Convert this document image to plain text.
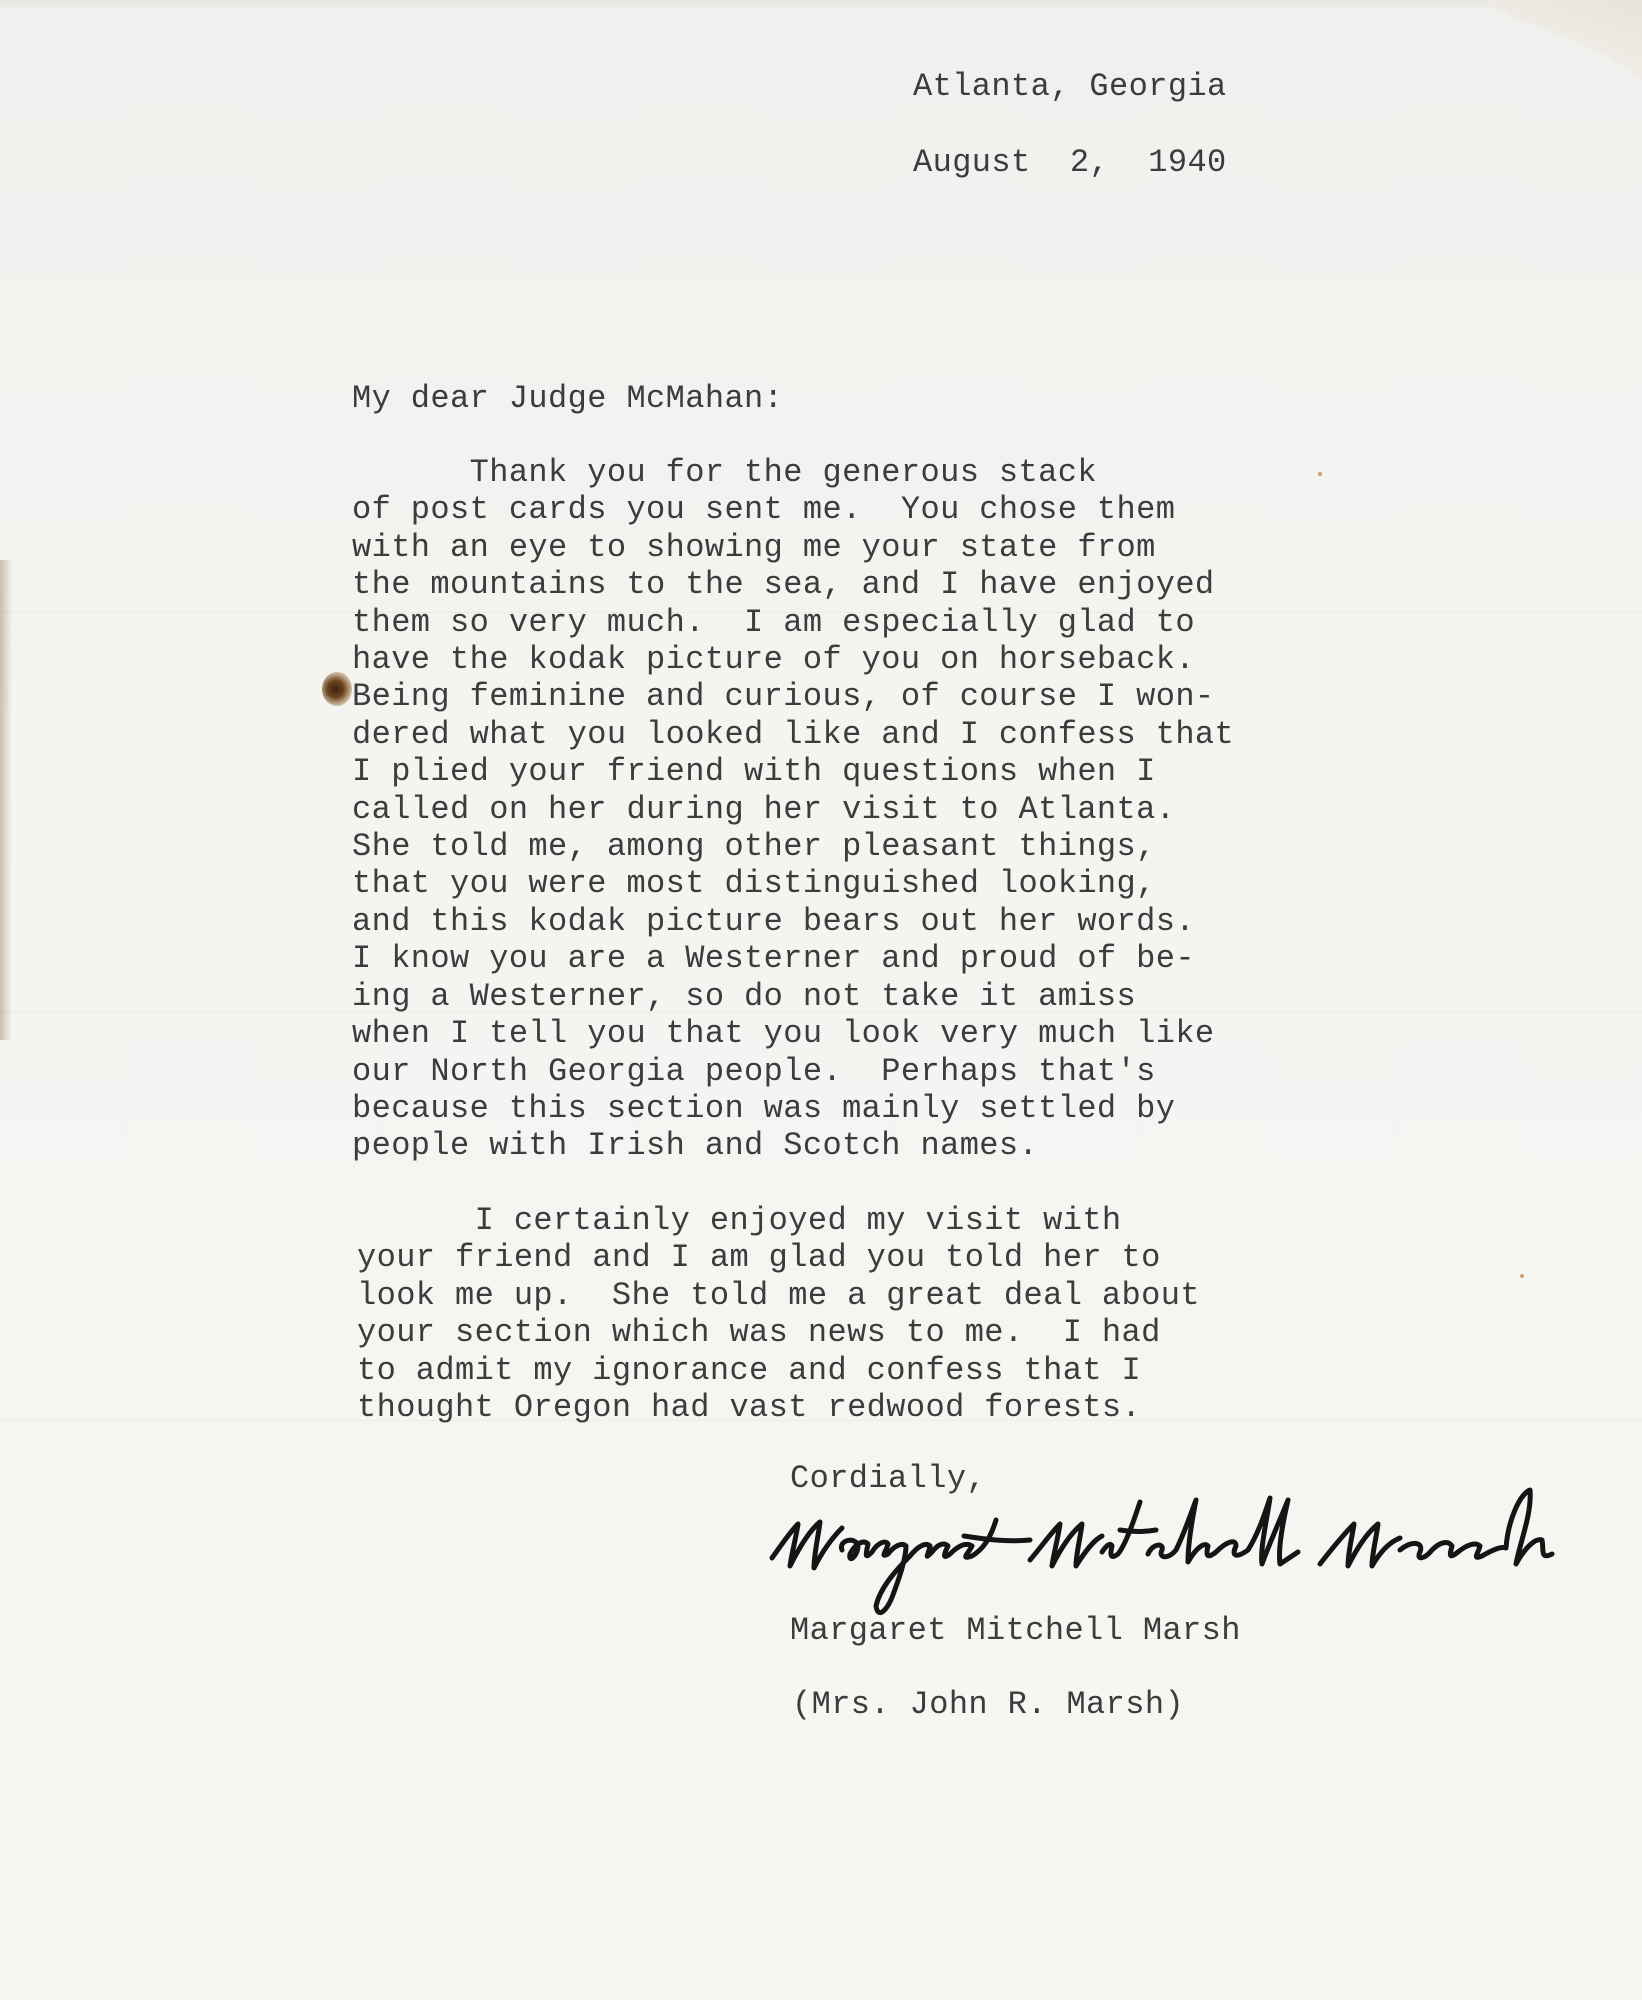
Atlanta, Georgia
August  2,  1940
My dear Judge McMahan:
Thank you for the generous stack
of post cards you sent me.  You chose them
with an eye to showing me your state from
the mountains to the sea, and I have enjoyed
them so very much.  I am especially glad to
have the kodak picture of you on horseback.
Being feminine and curious, of course I won-
dered what you looked like and I confess that
I plied your friend with questions when I
called on her during her visit to Atlanta.
She told me, among other pleasant things,
that you were most distinguished looking,
and this kodak picture bears out her words.
I know you are a Westerner and proud of be-
ing a Westerner, so do not take it amiss
when I tell you that you look very much like
our North Georgia people.  Perhaps that's
because this section was mainly settled by
people with Irish and Scotch names.
I certainly enjoyed my visit with
your friend and I am glad you told her to
look me up.  She told me a great deal about
your section which was news to me.  I had
to admit my ignorance and confess that I
thought Oregon had vast redwood forests.
Cordially,
Margaret Mitchell Marsh
(Mrs. John R. Marsh)
